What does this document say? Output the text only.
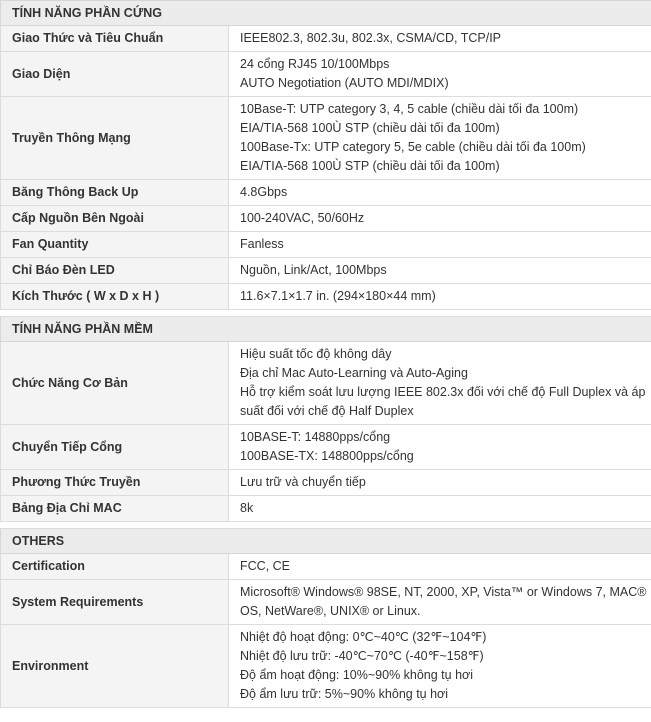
TÍNH NĂNG PHẦN CỨNG	
Giao Thức và Tiêu Chuẩn	IEEE802.3, 802.3u, 802.3x, CSMA/CD, TCP/IP

Giao Diện	24 cổng RJ45 10/100Mbps
AUTO Negotiation (AUTO MDI/MDIX)

Truyền Thông Mạng	10Base-T: UTP category 3, 4, 5 cable (chiều dài tối đa 100m)
EIA/TIA-568 100Ù STP (chiều dài tối đa 100m)
100Base-Tx: UTP category 5, 5e cable (chiều dài tối đa 100m)
EIA/TIA-568 100Ù STP (chiều dài tối đa 100m)

Băng Thông Back Up	4.8Gbps

Cấp Nguồn Bên Ngoài	100-240VAC, 50/60Hz

Fan Quantity	Fanless

Chỉ Báo Đèn LED	Nguồn, Link/Act, 100Mbps

Kích Thước ( W x D x H )	11.6×7.1×1.7 in. (294×180×44 mm)

TÍNH NĂNG PHẦN MỀM	
Chức Năng Cơ Bản	Hiệu suất tốc độ không dây
Địa chỉ Mac Auto-Learning và Auto-Aging
Hỗ trợ kiểm soát lưu lượng IEEE 802.3x đối với chế độ Full Duplex và áp suất đối với chế độ Half Duplex

Chuyển Tiếp Cổng	10BASE-T: 14880pps/cổng
100BASE-TX: 148800pps/cổng

Phương Thức Truyền	Lưu trữ và chuyển tiếp

Bảng Địa Chỉ MAC	8k

OTHERS	
Certification	FCC, CE

System Requirements	Microsoft® Windows® 98SE, NT, 2000, XP, Vista™ or Windows 7, MAC® OS, NetWare®, UNIX® or Linux.

Environment	Nhiệt độ hoạt động: 0℃~40℃ (32℉~104℉)
Nhiệt độ lưu trữ: -40℃~70℃ (-40℉~158℉)
Độ ẩm hoạt động: 10%~90% không tụ hơi
Độ ẩm lưu trữ: 5%~90% không tụ hơi
